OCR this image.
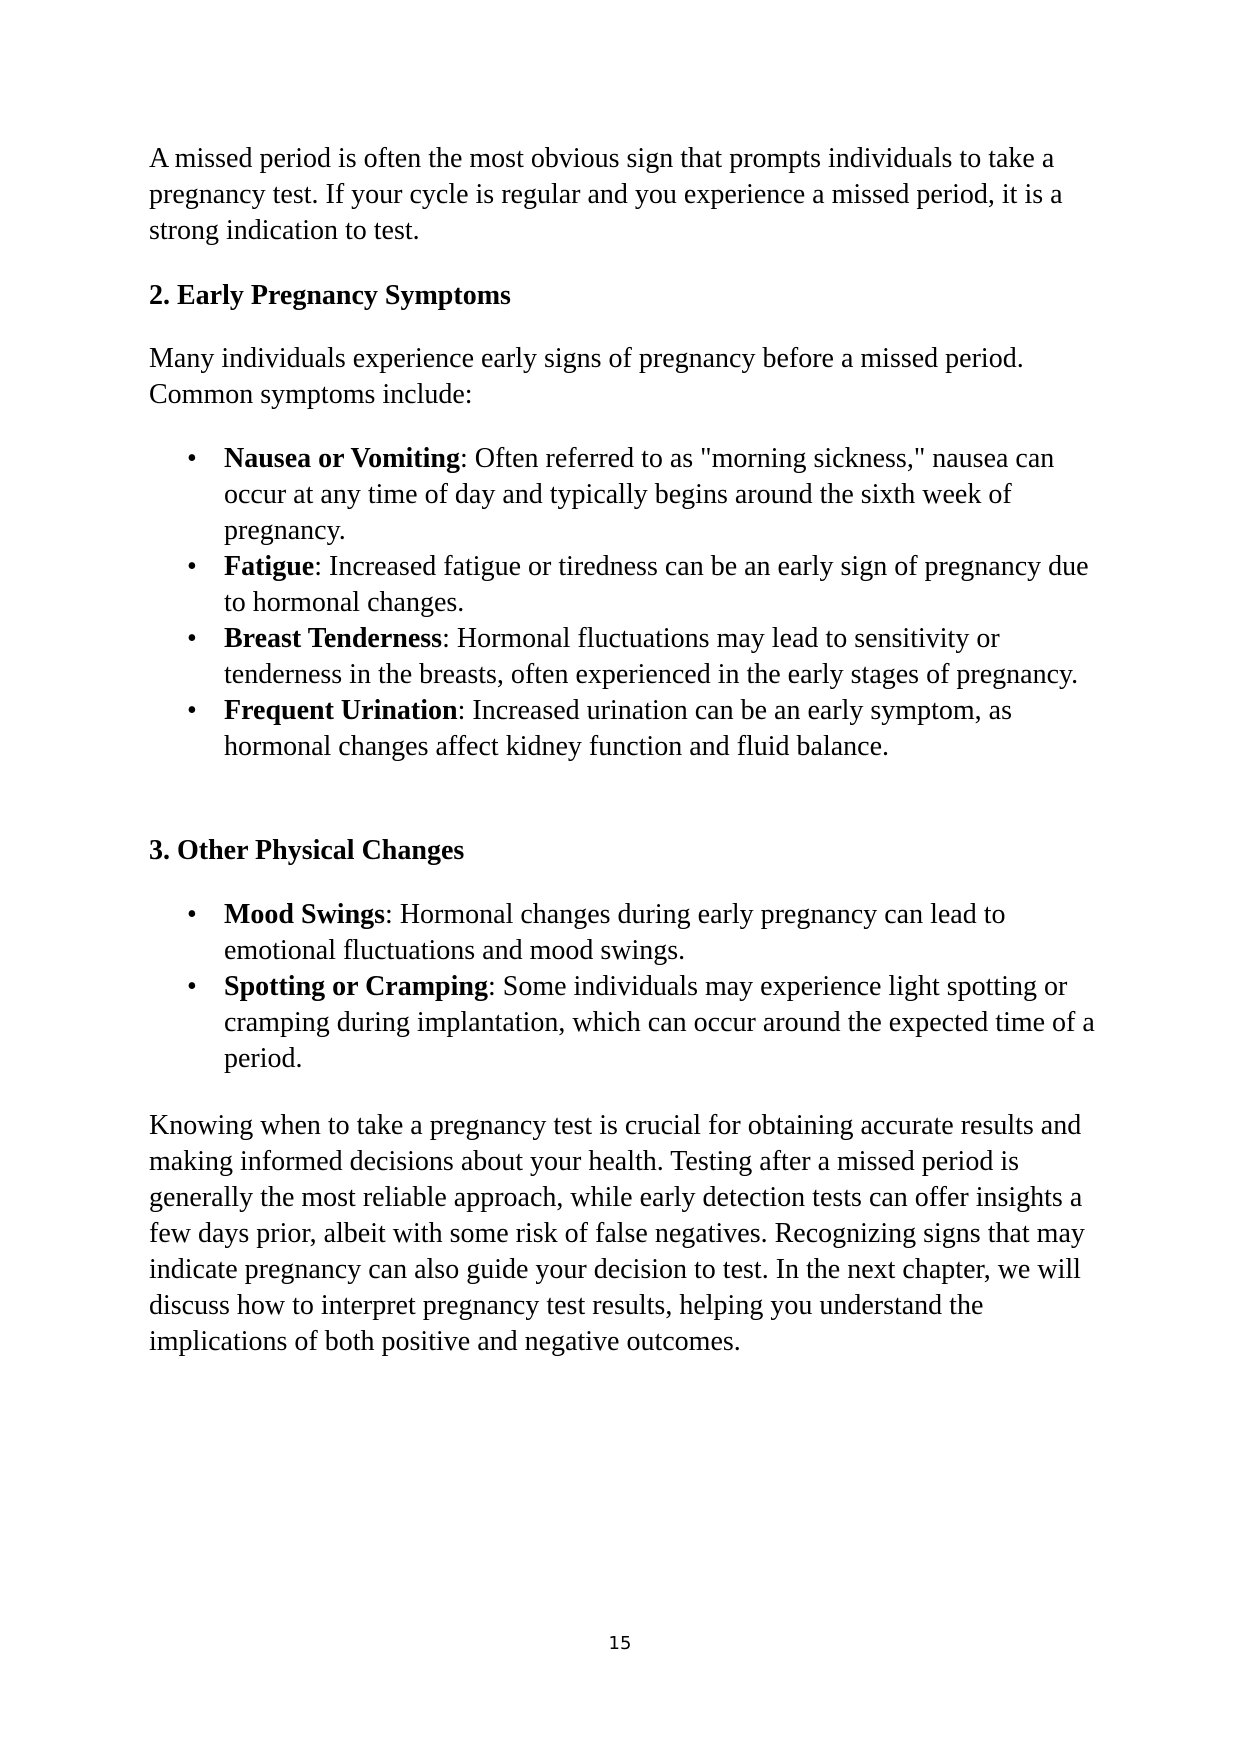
A missed period is often the most obvious sign that prompts individuals to take a pregnancy test. If your cycle is regular and you experience a missed period, it is a strong indication to test.

2. Early Pregnancy Symptoms

Many individuals experience early signs of pregnancy before a missed period. Common symptoms include:

• Nausea or Vomiting: Often referred to as "morning sickness," nausea can occur at any time of day and typically begins around the sixth week of pregnancy.
• Fatigue: Increased fatigue or tiredness can be an early sign of pregnancy due to hormonal changes.
• Breast Tenderness: Hormonal fluctuations may lead to sensitivity or tenderness in the breasts, often experienced in the early stages of pregnancy.
• Frequent Urination: Increased urination can be an early symptom, as hormonal changes affect kidney function and fluid balance.
3. Other Physical Changes
• Mood Swings: Hormonal changes during early pregnancy can lead to emotional fluctuations and mood swings.
• Spotting or Cramping: Some individuals may experience light spotting or cramping during implantation, which can occur around the expected time of a period.

Knowing when to take a pregnancy test is crucial for obtaining accurate results and making informed decisions about your health. Testing after a missed period is generally the most reliable approach, while early detection tests can offer insights a few days prior, albeit with some risk of false negatives. Recognizing signs that may indicate pregnancy can also guide your decision to test. In the next chapter, we will discuss how to interpret pregnancy test results, helping you understand the implications of both positive and negative outcomes.

15
